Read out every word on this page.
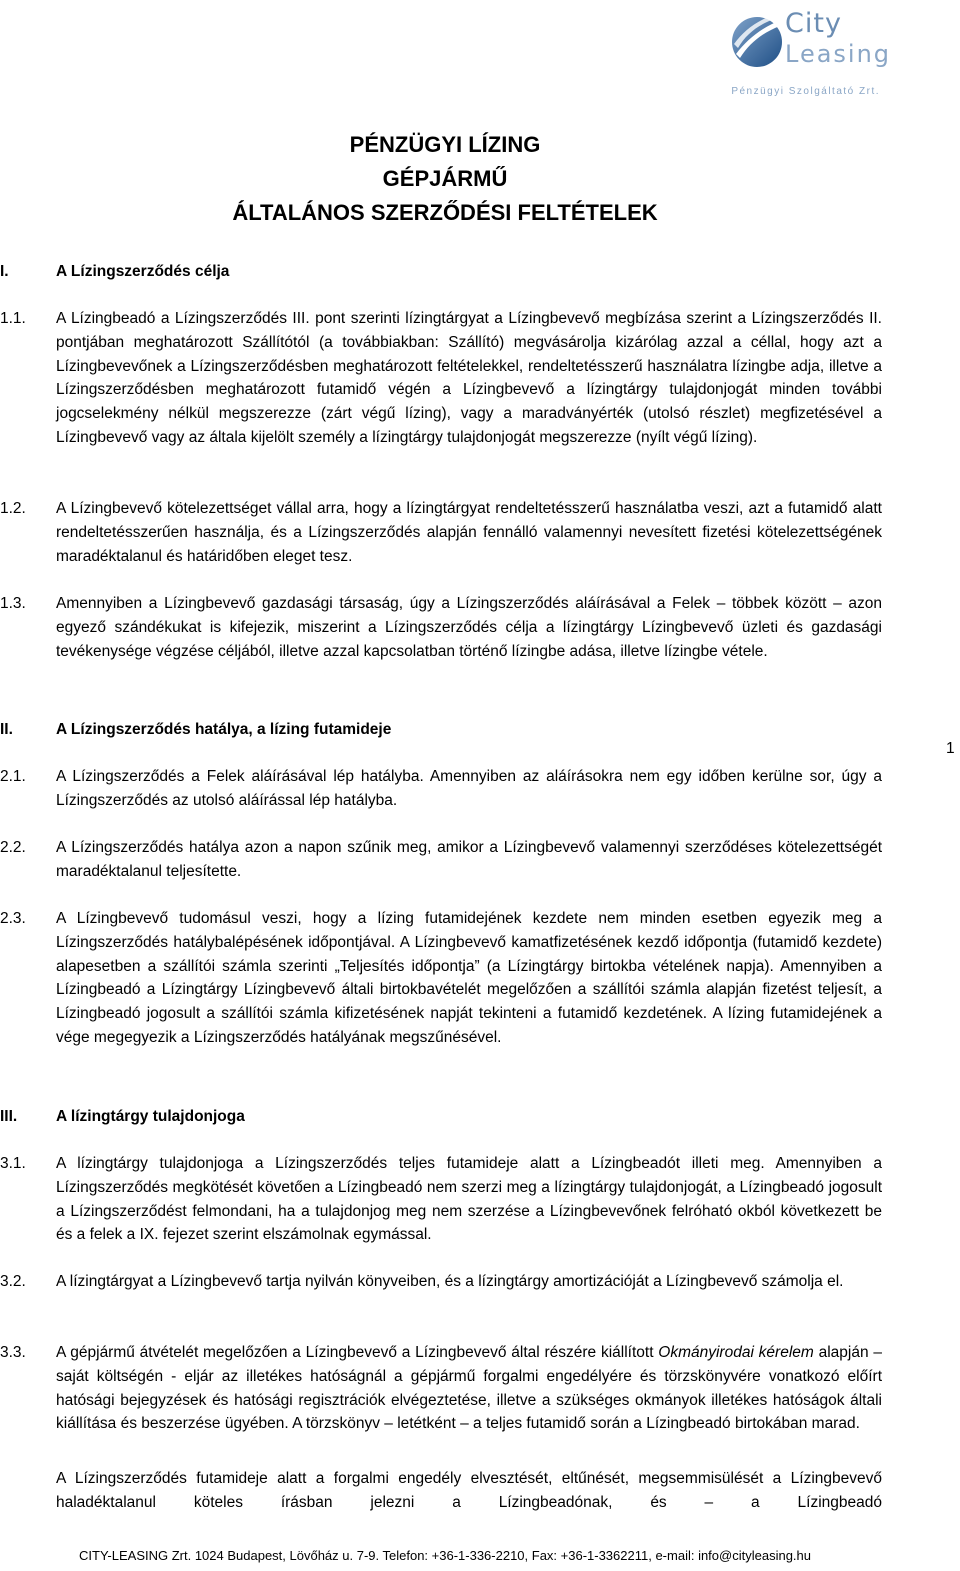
City
Leasing
Pénzügyi Szolgáltató Zrt.
PÉNZÜGYI LÍZING
GÉPJÁRMŰ
ÁLTALÁNOS SZERZŐDÉSI FELTÉTELEK
I.	A Lízingszerződés célja
1.1.	A Lízingbeadó a Lízingszerződés III. pont szerinti lízingtárgyat a Lízingbevevő megbízása szerint a Lízingszerződés II. pontjában meghatározott Szállítótól (a továbbiakban: Szállító) megvásárolja kizárólag azzal a céllal, hogy azt a Lízingbevevőnek a Lízingszerződésben meghatározott feltételekkel, rendeltetésszerű használatra lízingbe adja, illetve a Lízingszerződésben meghatározott futamidő végén a Lízingbevevő a lízingtárgy tulajdonjogát minden további jogcselekmény nélkül megszerezze (zárt végű lízing), vagy a maradványérték (utolsó részlet) megfizetésével a Lízingbevevő vagy az általa kijelölt személy a lízingtárgy tulajdonjogát megszerezze (nyílt végű lízing).
1.2.	A Lízingbevevő kötelezettséget vállal arra, hogy a lízingtárgyat rendeltetésszerű használatba veszi, azt a futamidő alatt rendeltetésszerűen használja, és a Lízingszerződés alapján fennálló valamennyi nevesített fizetési kötelezettségének maradéktalanul és határidőben eleget tesz.
1.3.	Amennyiben a Lízingbevevő gazdasági társaság, úgy a Lízingszerződés aláírásával a Felek – többek között – azon egyező szándékukat is kifejezik, miszerint a Lízingszerződés célja a lízingtárgy Lízingbevevő üzleti és gazdasági tevékenysége végzése céljából, illetve azzal kapcsolatban történő lízingbe adása, illetve lízingbe vétele.
II.	A Lízingszerződés hatálya, a lízing futamideje
1
2.1.	A Lízingszerződés a Felek aláírásával lép hatályba. Amennyiben az aláírásokra nem egy időben kerülne sor, úgy a Lízingszerződés az utolsó aláírással lép hatályba.
2.2.	A Lízingszerződés hatálya azon a napon szűnik meg, amikor a Lízingbevevő valamennyi szerződéses kötelezettségét maradéktalanul teljesítette.
2.3.	A Lízingbevevő tudomásul veszi, hogy a lízing futamidejének kezdete nem minden esetben egyezik meg a Lízingszerződés hatálybalépésének időpontjával. A Lízingbevevő kamatfizetésének kezdő időpontja (futamidő kezdete) alapesetben a szállítói számla szerinti „Teljesítés időpontja” (a Lízingtárgy birtokba vételének napja). Amennyiben a Lízingbeadó a Lízingtárgy Lízingbevevő általi birtokbavételét megelőzően a szállítói számla alapján fizetést teljesít, a Lízingbeadó jogosult a szállítói számla kifizetésének napját tekinteni a futamidő kezdetének. A lízing futamidejének a vége megegyezik a Lízingszerződés hatályának megszűnésével.
III.	A lízingtárgy tulajdonjoga
3.1.	A lízingtárgy tulajdonjoga a Lízingszerződés teljes futamideje alatt a Lízingbeadót illeti meg. Amennyiben a Lízingszerződés megkötését követően a Lízingbeadó nem szerzi meg a lízingtárgy tulajdonjogát, a Lízingbeadó jogosult a Lízingszerződést felmondani, ha a tulajdonjog meg nem szerzése a Lízingbevevőnek felróható okból következett be és a felek a IX. fejezet szerint elszámolnak egymással.
3.2.	A lízingtárgyat a Lízingbevevő tartja nyilván könyveiben, és a lízingtárgy amortizációját a Lízingbevevő számolja el.
3.3.	A gépjármű átvételét megelőzően a Lízingbevevő a Lízingbevevő által részére kiállított Okmányirodai kérelem alapján – saját költségén - eljár az illetékes hatóságnál a gépjármű forgalmi engedélyére és törzskönyvére vonatkozó előírt hatósági bejegyzések és hatósági regisztrációk elvégeztetése, illetve a szükséges okmányok illetékes hatóságok általi kiállítása és beszerzése ügyében. A törzskönyv – letétként – a teljes futamidő során a Lízingbeadó birtokában marad.
A Lízingszerződés futamideje alatt a forgalmi engedély elvesztését, eltűnését, megsemmisülését a Lízingbevevő haladéktalanul köteles írásban jelezni a Lízingbeadónak, és – a Lízingbeadó
CITY-LEASING Zrt. 1024 Budapest, Lövőház u. 7-9. Telefon: +36-1-336-2210, Fax: +36-1-3362211, e-mail: info@cityleasing.hu
